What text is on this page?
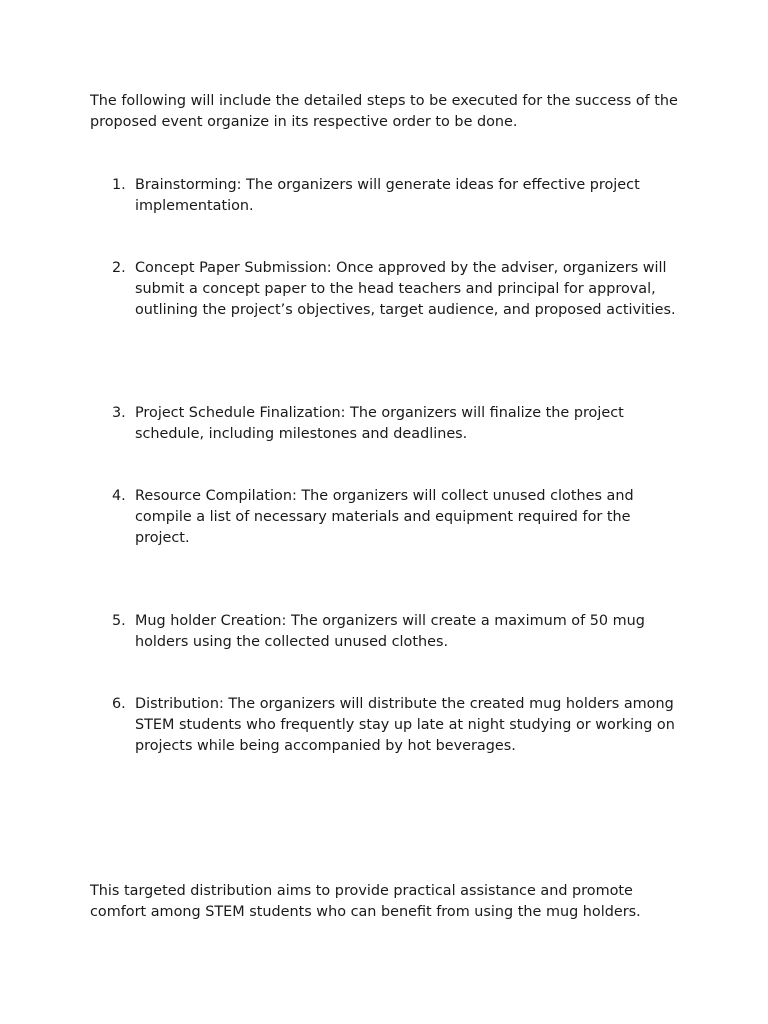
The following will include the detailed steps to be executed for the success of the proposed event organize in its respective order to be done.

1. Brainstorming: The organizers will generate ideas for effective project implementation.
2. Concept Paper Submission: Once approved by the adviser, organizers will submit a concept paper to the head teachers and principal for approval, outlining the project’s objectives, target audience, and proposed activities.
3. Project Schedule Finalization: The organizers will finalize the project schedule, including milestones and deadlines.
4. Resource Compilation: The organizers will collect unused clothes and compile a list of necessary materials and equipment required for the project.
5. Mug holder Creation: The organizers will create a maximum of 50 mug holders using the collected unused clothes.
6. Distribution: The organizers will distribute the created mug holders among STEM students who frequently stay up late at night studying or working on projects while being accompanied by hot beverages.

This targeted distribution aims to provide practical assistance and promote comfort among STEM students who can benefit from using the mug holders.
